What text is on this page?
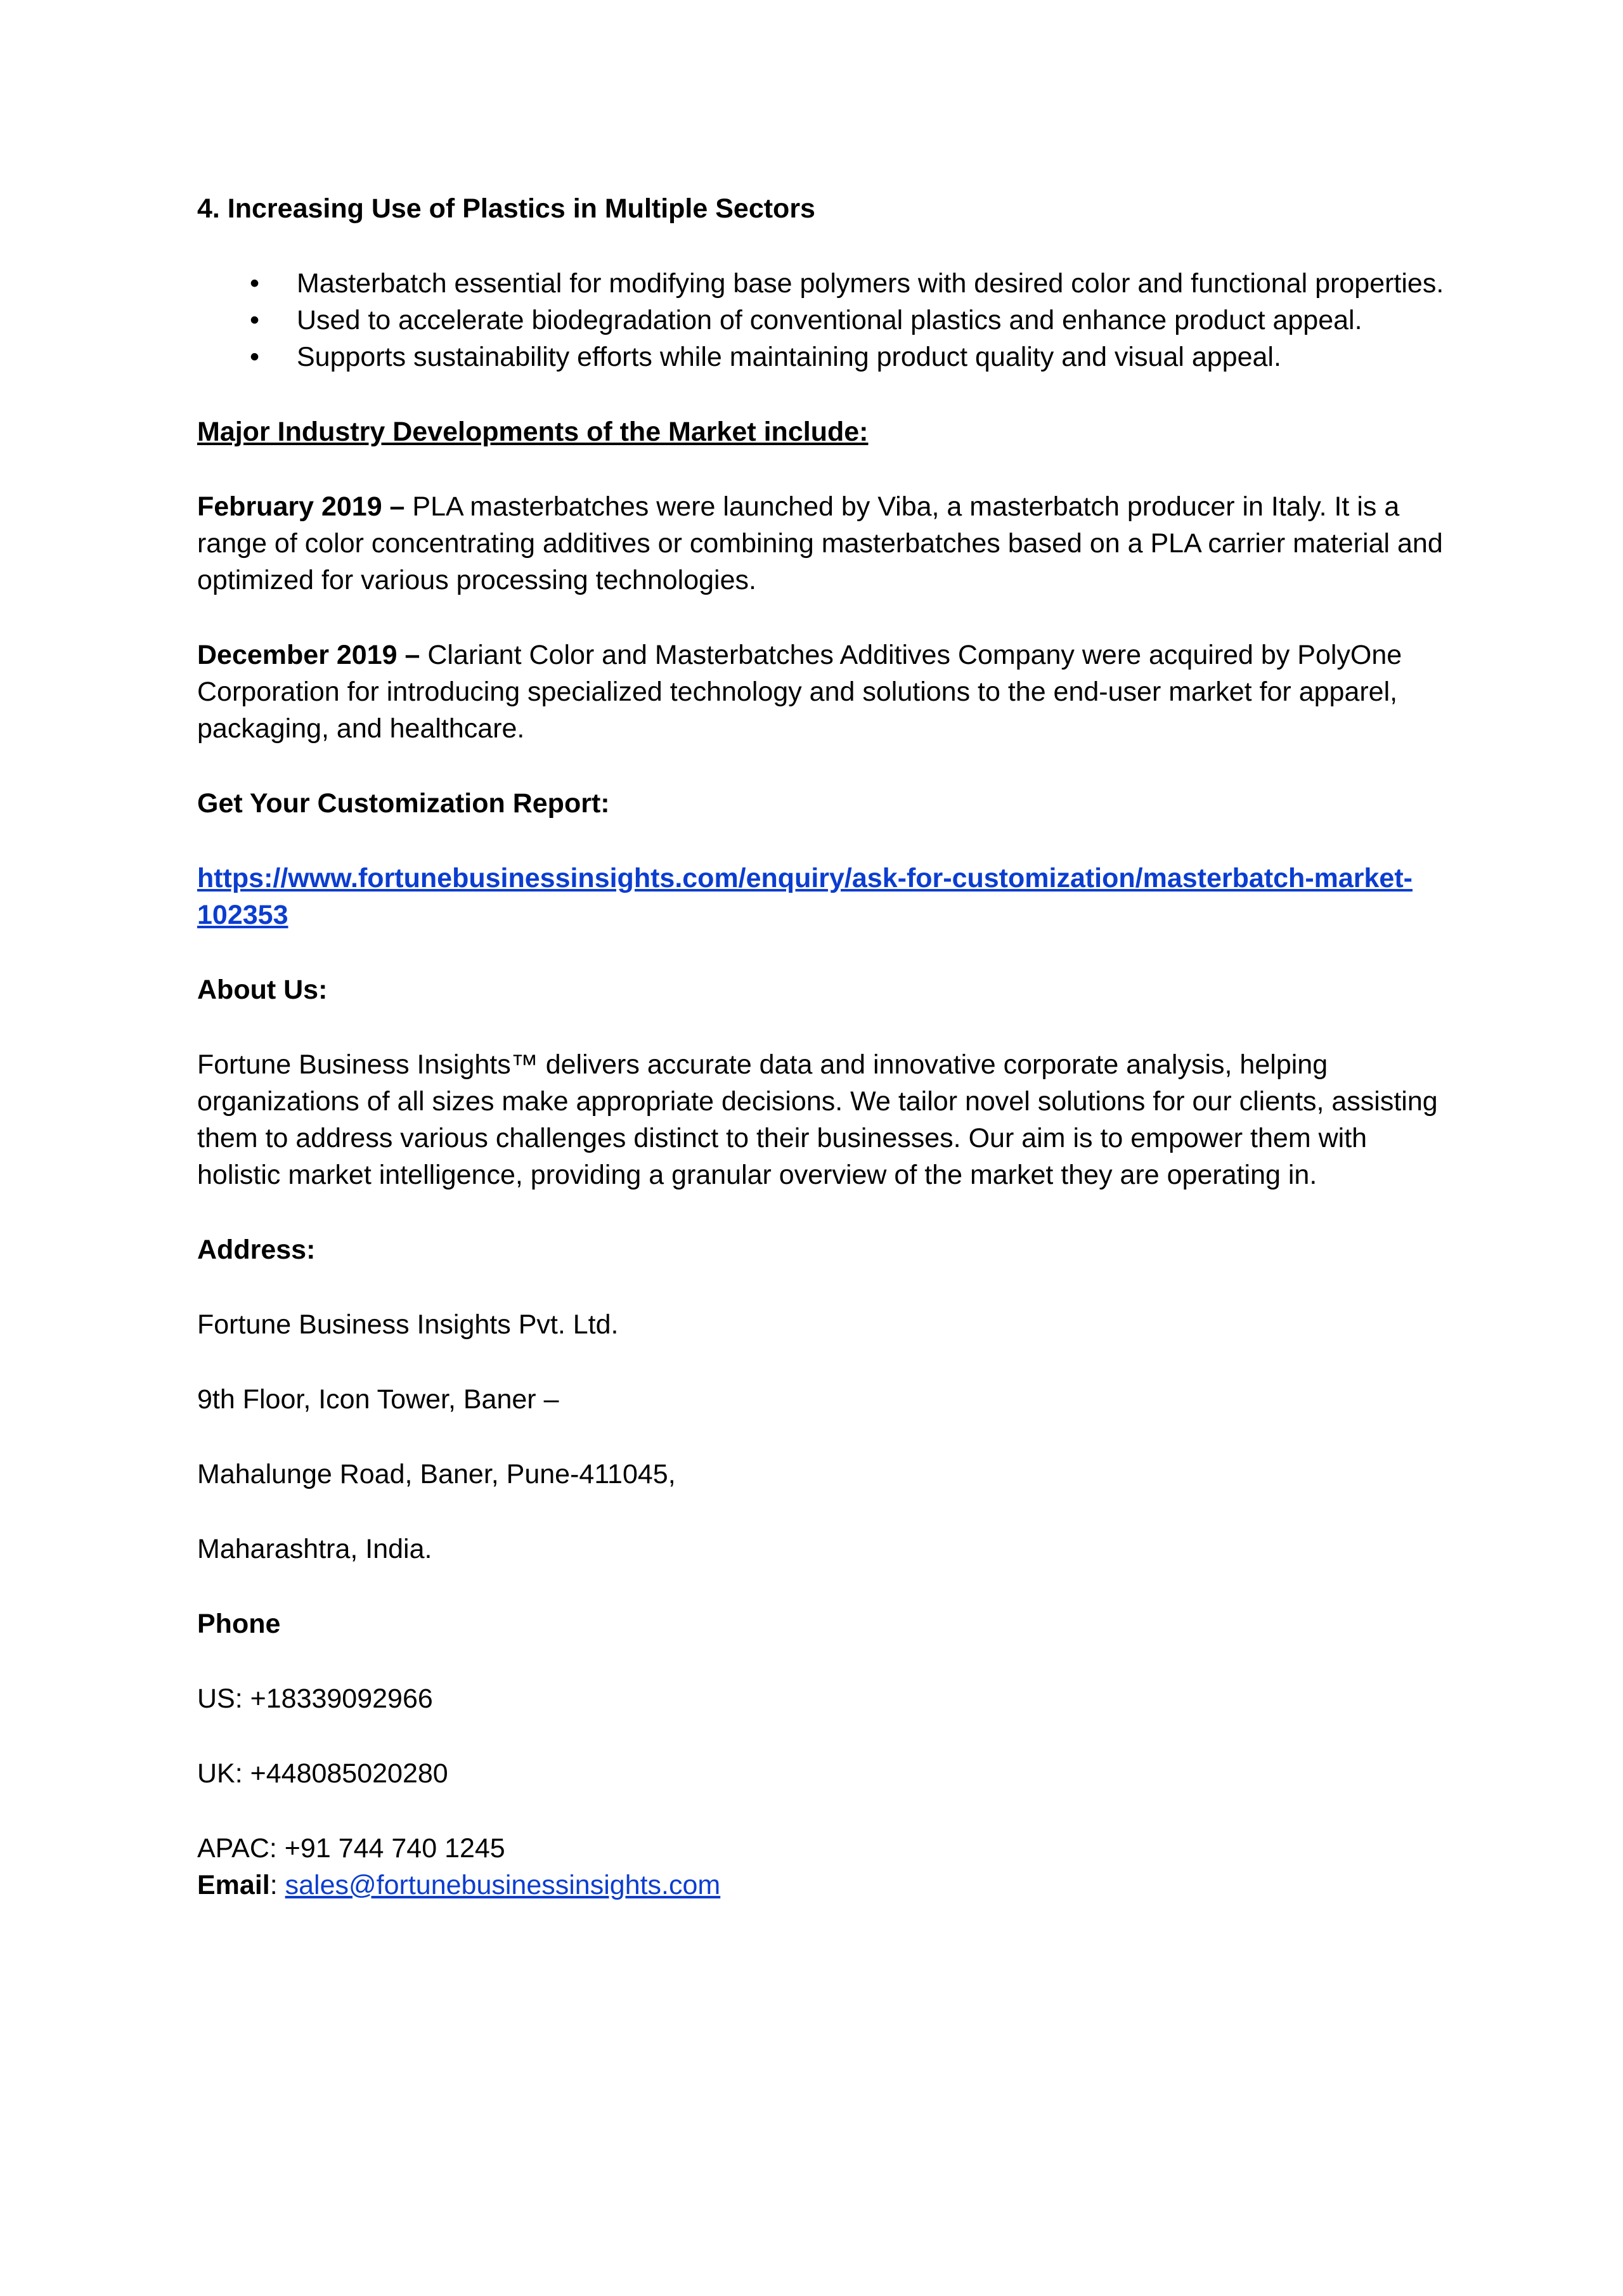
4. Increasing Use of Plastics in Multiple Sectors

• Masterbatch essential for modifying base polymers with desired color and functional properties.
• Used to accelerate biodegradation of conventional plastics and enhance product appeal.
• Supports sustainability efforts while maintaining product quality and visual appeal.

Major Industry Developments of the Market include:

February 2019 – PLA masterbatches were launched by Viba, a masterbatch producer in Italy. It is a range of color concentrating additives or combining masterbatches based on a PLA carrier material and optimized for various processing technologies.

December 2019 – Clariant Color and Masterbatches Additives Company were acquired by PolyOne Corporation for introducing specialized technology and solutions to the end-user market for apparel, packaging, and healthcare.

Get Your Customization Report:

https://www.fortunebusinessinsights.com/enquiry/ask-for-customization/masterbatch-market-102353

About Us:

Fortune Business Insights™ delivers accurate data and innovative corporate analysis, helping organizations of all sizes make appropriate decisions. We tailor novel solutions for our clients, assisting them to address various challenges distinct to their businesses. Our aim is to empower them with holistic market intelligence, providing a granular overview of the market they are operating in.

Address:

Fortune Business Insights Pvt. Ltd.

9th Floor, Icon Tower, Baner –

Mahalunge Road, Baner, Pune-411045,

Maharashtra, India.

Phone

US: +18339092966

UK: +448085020280

APAC: +91 744 740 1245

Email: sales@fortunebusinessinsights.com
